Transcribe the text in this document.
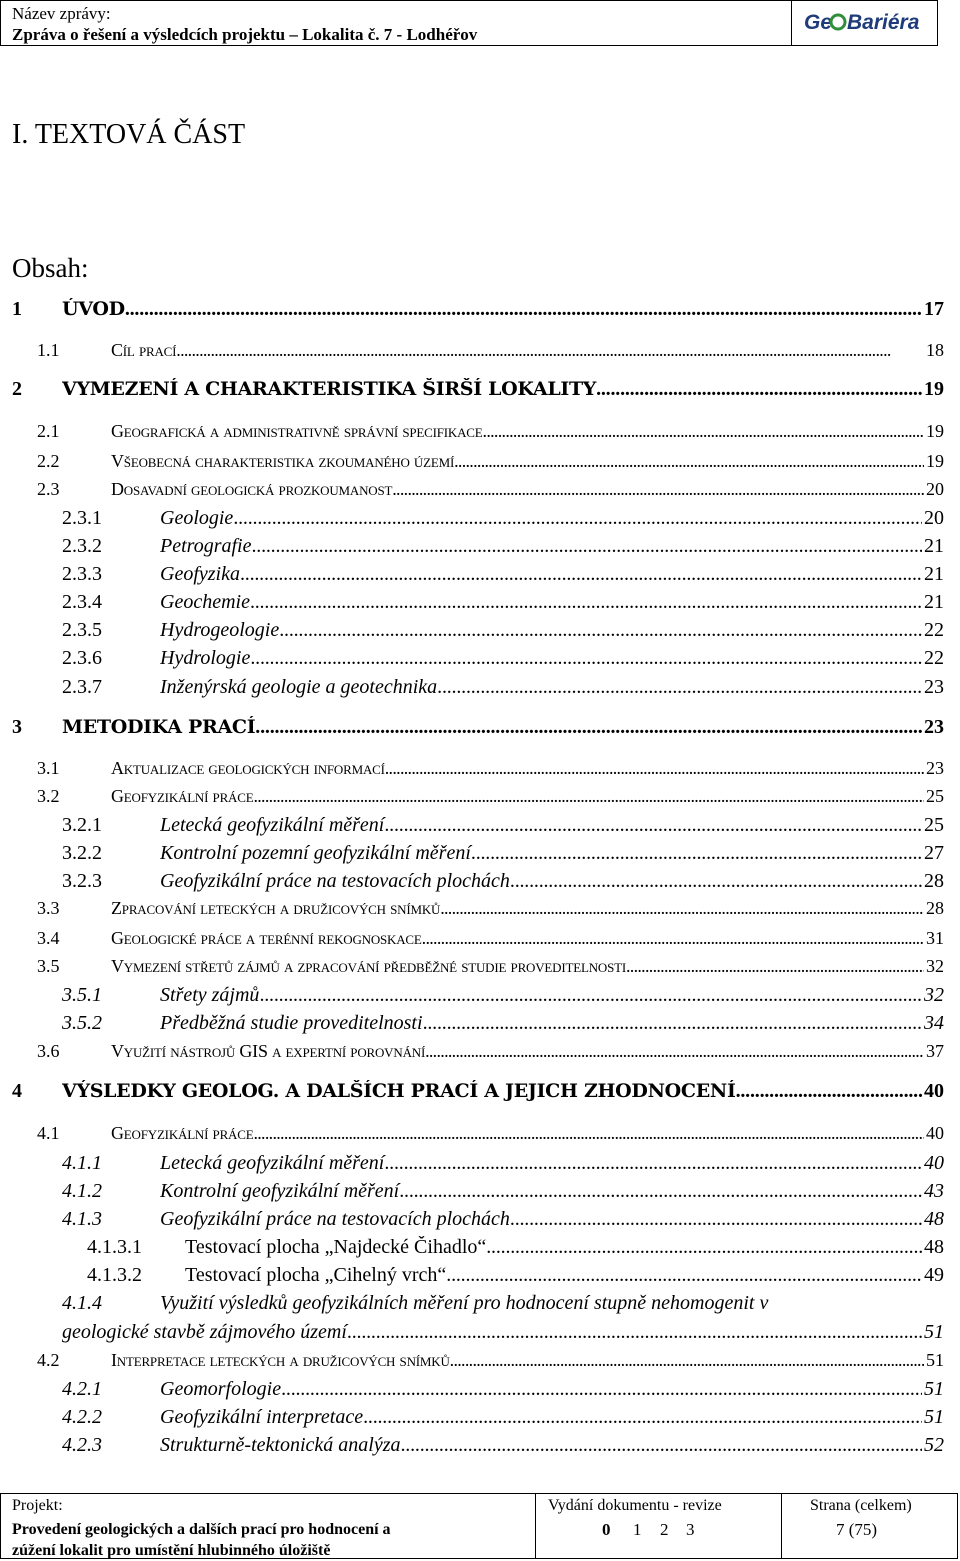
Název zprávy:
Zpráva o řešení a výsledcích projektu – Lokalita č. 7 - Lodhéřov
Ge Bariéra
I. TEXTOVÁ ČÁST
Obsah:
1 ÚVOD . . .	17
1.1	Cíl prací . . .	18
2 VYMEZENÍ A CHARAKTERISTIKA ŠIRŠÍ LOKALITY . . .	19
2.1	Geografická a administrativně správní specifikace . . .	19
2.2	Všeobecná charakteristika zkoumaného území . . .	19
2.3	Dosavadní geologická prozkoumanost . . .	20
2.3.1	Geologie . . .	20
2.3.2	Petrografie . . .	21
2.3.3	Geofyzika . . .	21
2.3.4	Geochemie . . .	21
2.3.5	Hydrogeologie . . .	22
2.3.6	Hydrologie . . .	22
2.3.7	Inženýrská geologie a geotechnika . . .	23
3 METODIKA PRACÍ . . .	23
3.1	Aktualizace geologických informací . . .	23
3.2	Geofyzikální práce . . .	25
3.2.1	Letecká geofyzikální měření . . .	25
3.2.2	Kontrolní pozemní geofyzikální měření . . .	27
3.2.3	Geofyzikální práce na testovacích plochách . . .	28
3.3	Zpracování leteckých a družicových snímků . . .	28
3.4	Geologické práce a terénní rekognoskace . . .	31
3.5	Vymezení střetů zájmů a zpracování předběžné studie proveditelnosti . . .	32
3.5.1	Střety zájmů . . .	32
3.5.2	Předběžná studie proveditelnosti . . .	34
3.6	Využití nástrojů GIS a expertní porovnání . . .	37
4 VÝSLEDKY GEOLOG. A DALŠÍCH PRACÍ A JEJICH ZHODNOCENÍ . . .	40
4.1	Geofyzikální práce . . .	40
4.1.1	Letecká geofyzikální měření . . .	40
4.1.2	Kontrolní geofyzikální měření . . .	43
4.1.3	Geofyzikální práce na testovacích plochách . . .	48
4.1.3.1 Testovací plocha „Najdecké Čihadlo“ . . .	48
4.1.3.2 Testovací plocha „Cihelný vrch“ . . .	49
4.1.4	Využití výsledků geofyzikálních měření pro hodnocení stupně nehomogenit v
geologické stavbě zájmového území . . .	51
4.2	Interpretace leteckých a družicových snímků . . .	51
4.2.1	Geomorfologie . . .	51
4.2.2	Geofyzikální interpretace . . .	51
4.2.3	Strukturně-tektonická analýza . . .	52
Projekt:
Provedení geologických a dalších prací pro hodnocení a
zúžení lokalit pro umístění hlubinného úložiště
Vydání dokumentu - revize
0 1 2 3
Strana (celkem)
7 (75)
